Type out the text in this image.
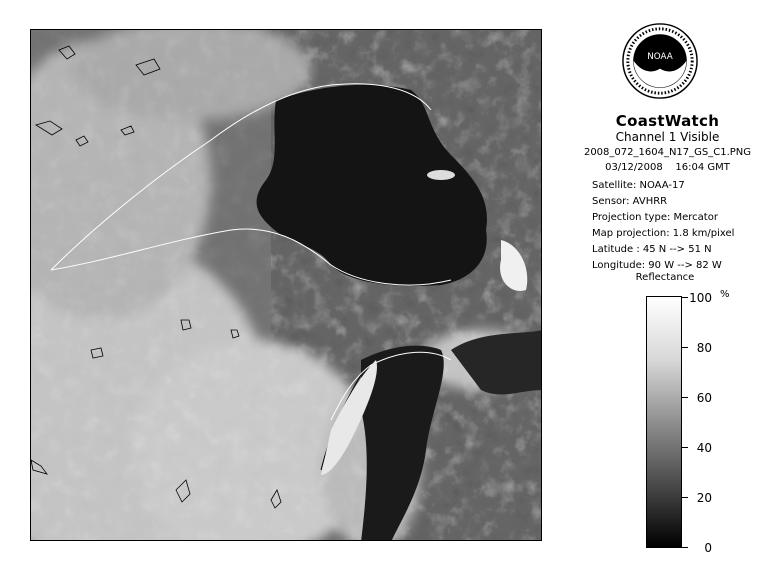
NOAA
CoastWatch
Channel 1 Visible
2008_072_1604_N17_GS_C1.PNG
03/12/2008    16:04 GMT
Satellite: NOAA-17
Sensor: AVHRR
Projection type: Mercator
Map projection: 1.8 km/pixel
Latitude : 45 N --> 51 N
Longitude: 90 W --> 82 W
Reflectance
%
100
80
60
40
20
0
